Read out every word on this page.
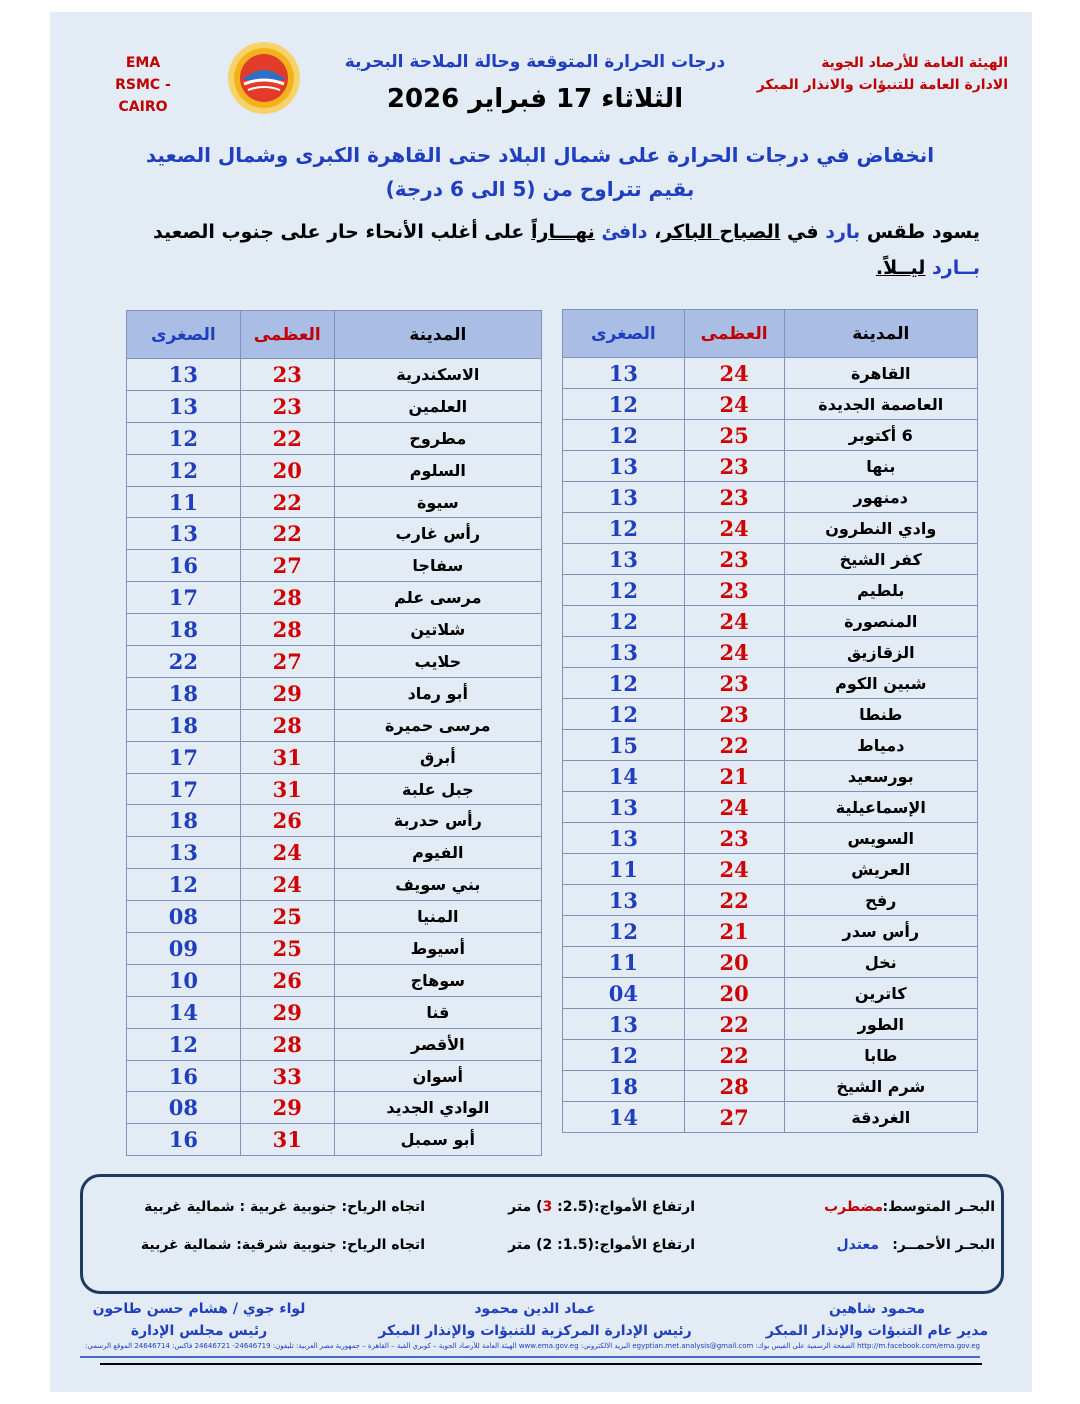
الهيئة العامة للأرصاد الجوية
الادارة العامة للتنبؤات والانذار المبكر
EMA
RSMC - CAIRO
درجات الحرارة المتوقعة وحالة الملاحة البحرية
الثلاثاء 17 فبراير 2026
انخفاض في درجات الحرارة على شمال البلاد حتى القاهرة الكبرى وشمال الصعيد
بقيم تتراوح من (5 الى 6 درجة)
يسود طقس بارد في الصباح الباكر، دافئ نهـــاراً على أغلب الأنحاء حار على جنوب الصعيد بــارد ليــلاً.
المدينة	العظمى	الصغرى
القاهرة	24	13
العاصمة الجديدة	24	12
6 أكتوبر	25	12
بنها	23	13
دمنهور	23	13
وادي النطرون	24	12
كفر الشيخ	23	13
بلطيم	23	12
المنصورة	24	12
الزقازيق	24	13
شبين الكوم	23	12
طنطا	23	12
دمياط	22	15
بورسعيد	21	14
الإسماعيلية	24	13
السويس	23	13
العريش	24	11
رفح	22	13
رأس سدر	21	12
نخل	20	11
كاترين	20	04
الطور	22	13
طابا	22	12
شرم الشيخ	28	18
الغردقة	27	14
المدينة	العظمى	الصغرى
الاسكندرية	23	13
العلمين	23	13
مطروح	22	12
السلوم	20	12
سيوة	22	11
رأس غارب	22	13
سفاجا	27	16
مرسى علم	28	17
شلاتين	28	18
حلايب	27	22
أبو رماد	29	18
مرسى حميرة	28	18
أبرق	31	17
جبل علبة	31	17
رأس حدربة	26	18
الفيوم	24	13
بني سويف	24	12
المنيا	25	08
أسيوط	25	09
سوهاج	26	10
قنا	29	14
الأقصر	28	12
أسوان	33	16
الوادي الجديد	29	08
أبو سمبل	31	16
البحـر المتوسط:
مضطرب
ارتفاع الأمواج:(2.5: 3) متر
اتجاه الرياح: جنوبية غربية : شمالية غربية
البحـر الأحمــر:
معتدل
ارتفاع الأمواج:(1.5: 2) متر
اتجاه الرياح: جنوبية شرقية: شمالية غربية
محمود شاهين
مدير عام التنبؤات والإنذار المبكر
عماد الدين محمود
رئيس الإدارة المركزية للتنبؤات والإنذار المبكر
لواء جوي / هشام حسن طاحون
رئيس مجلس الإدارة
http://m.facebook.com/ema.gov.eg الصفحة الرسمية على الفيس بوك: egyptian.met.analysis@gmail.com البريد الالكتروني: www.ema.gov.eg الهيئة العامة للأرصاد الجوية – كوبري القبة – القاهرة – جمهورية مصر العربية: تليفون: 24646719- 24646721 فاكس: 24646714 الموقع الرسمي:
